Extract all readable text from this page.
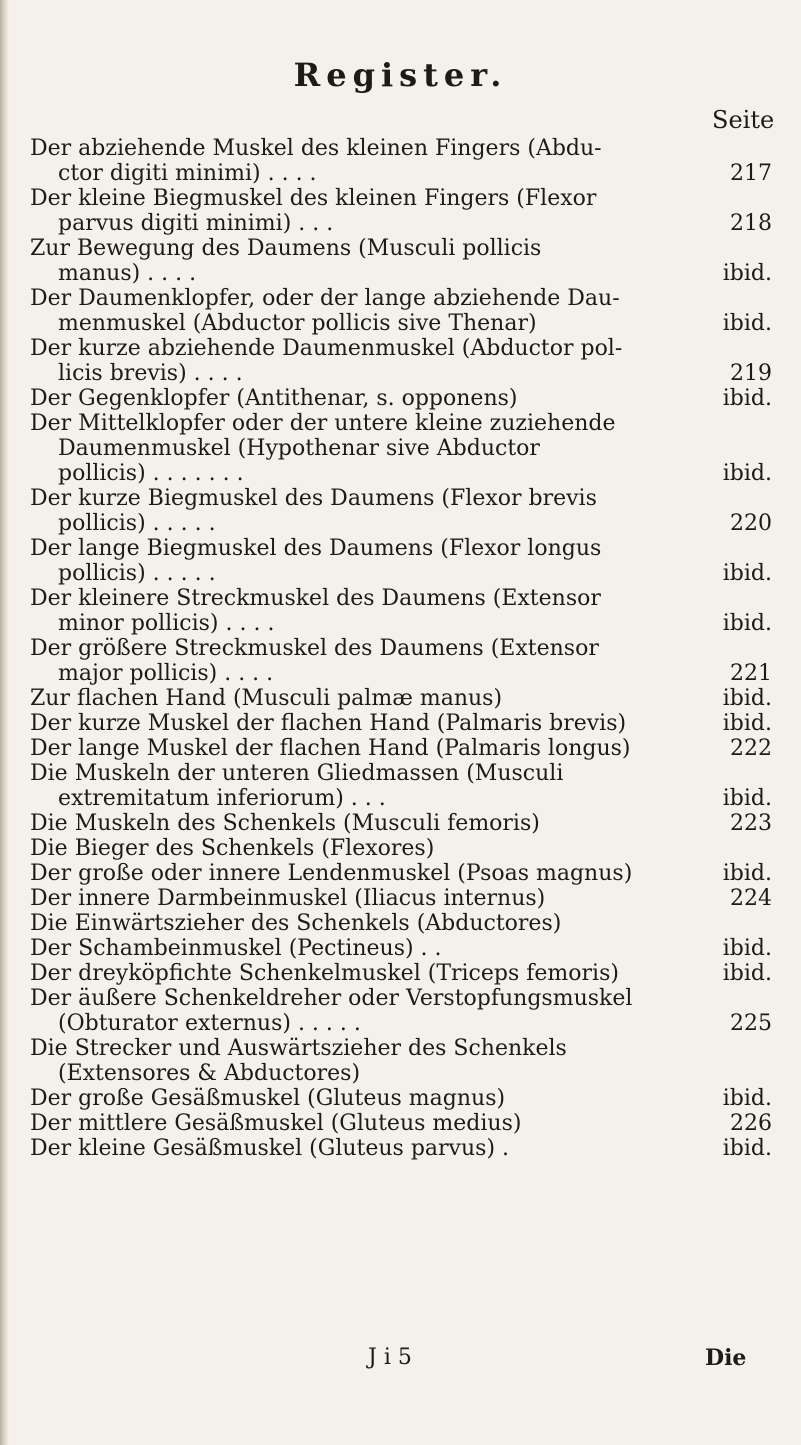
Register.
Seite
Der abziehende Muskel des kleinen Fingers (Abdu-
ctor digiti minimi) . . . .	217
Der kleine Biegmuskel des kleinen Fingers (Flexor
parvus digiti minimi) . . .	218
Zur Bewegung des Daumens (Musculi pollicis
manus) . . . .	ibid.
Der Daumenklopfer, oder der lange abziehende Dau-
menmuskel (Abductor pollicis sive Thenar)	ibid.
Der kurze abziehende Daumenmuskel (Abductor pol-
licis brevis) . . . .	219
Der Gegenklopfer (Antithenar, s. opponens)	ibid.
Der Mittelklopfer oder der untere kleine zuziehende
Daumenmuskel (Hypothenar sive Abductor
pollicis) . . . . . . .	ibid.
Der kurze Biegmuskel des Daumens (Flexor brevis
pollicis) . . . . .	220
Der lange Biegmuskel des Daumens (Flexor longus
pollicis) . . . . .	ibid.
Der kleinere Streckmuskel des Daumens (Extensor
minor pollicis) . . . .	ibid.
Der größere Streckmuskel des Daumens (Extensor
major pollicis) . . . .	221
Zur flachen Hand (Musculi palmæ manus)	ibid.
Der kurze Muskel der flachen Hand (Palmaris brevis)	ibid.
Der lange Muskel der flachen Hand (Palmaris longus)	222
Die Muskeln der unteren Gliedmassen (Musculi
extremitatum inferiorum) . . .	ibid.
Die Muskeln des Schenkels (Musculi femoris)	223
Die Bieger des Schenkels (Flexores)
Der große oder innere Lendenmuskel (Psoas magnus)	ibid.
Der innere Darmbeinmuskel (Iliacus internus)	224
Die Einwärtszieher des Schenkels (Abductores)
Der Schambeinmuskel (Pectineus) . .	ibid.
Der dreyköpfichte Schenkelmuskel (Triceps femoris)	ibid.
Der äußere Schenkeldreher oder Verstopfungsmuskel
(Obturator externus) . . . . .	225
Die Strecker und Auswärtszieher des Schenkels
(Extensores & Abductores)
Der große Gesäßmuskel (Gluteus magnus)	ibid.
Der mittlere Gesäßmuskel (Gluteus medius)	226
Der kleine Gesäßmuskel (Gluteus parvus) .	ibid.
J i 5	Die
